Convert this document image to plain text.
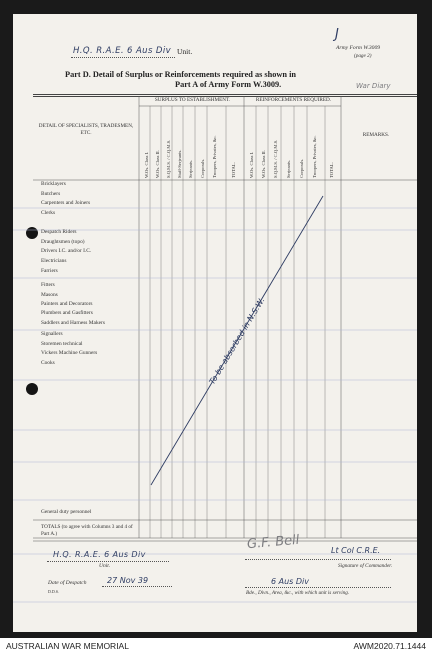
J
War Diary
H.Q. R.A.E. 6 Aus Div Unit.	Army Form W.3009
(page 2)
Part D. Detail of Surplus or Reinforcements required as shown in
Part A of Army Form W.3009.
DETAIL OF SPECIALISTS, TRADESMEN, ETC.
SURPLUS TO ESTABLISHMENT.	REINFORCEMENTS REQUIRED.
REMARKS.
W.Os. Class I. W.Os. Class II. S.Q.M.S. / C.Q.M.S. Staff-Serjeants. Serjeants. Corporals. Troopers, Privates, &c.	TOTAL.	W.Os. Class I. W.Os. Class II. S.Q.M.S. / C.Q.M.S. Serjeants. Corporals. Troopers, Privates, &c.	TOTAL.
Bricklayers
Butchers
Carpenters and Joiners
Clerks
Despatch Riders
Draughtsmen (topo)
Drivers I.C. and/or I.C.
Electricians
Farriers
Fitters
Masons
Painters and Decorators
Plumbers and Gasfitters
Saddlers and Harness Makers
Signallers
Storemen technical
Vickers Machine Gunners
Cooks
General duty personnel
TOTALS (to agree with Columns 3 and 4 of Part A.)
To be absorbed in N.S.W.
H.Q. R.A.E. 6 Aus Div
Unit.
Date of Despatch	27 Nov 39
D.D.S.
G.F. Bell	Lt Col C.R.E.
Signature of Commander.
6 Aus Div
Bde., Divn., Area, &c., with which unit is serving.
AUSTRALIAN WAR MEMORIAL	AWM2020.71.1444
